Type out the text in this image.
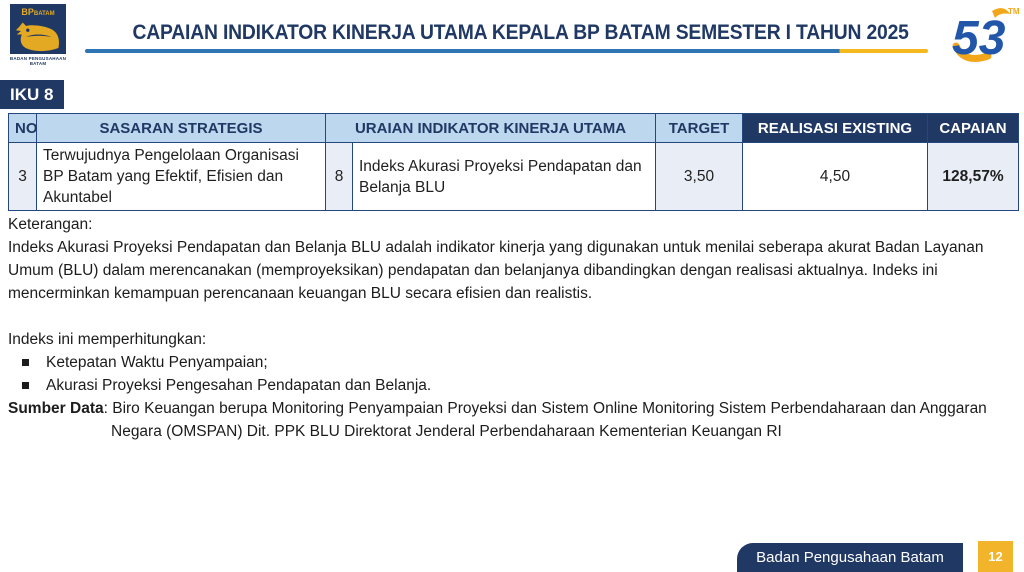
BPBATAM
BADAN PENGUSAHAAN BATAM
CAPAIAN INDIKATOR KINERJA UTAMA KEPALA BP BATAM SEMESTER I TAHUN 2025 53
TM
IKU 8
NO	SASARAN STRATEGIS	URAIAN INDIKATOR KINERJA UTAMA		TARGET	REALISASI EXISTING	CAPAIAN
3	Terwujudnya Pengelolaan Organisasi BP Batam yang Efektif, Efisien dan Akuntabel	8	Indeks Akurasi Proyeksi Pendapatan dan Belanja BLU	3,50	4,50	128,57%

Keterangan:

Indeks Akurasi Proyeksi Pendapatan dan Belanja BLU adalah indikator kinerja yang digunakan untuk menilai seberapa akurat Badan Layanan Umum (BLU) dalam merencanakan (memproyeksikan) pendapatan dan belanjanya dibandingkan dengan realisasi aktualnya. Indeks ini mencerminkan kemampuan perencanaan keuangan BLU secara efisien dan realistis.

Indeks ini memperhitungkan:

Ketepatan Waktu Penyampaian;
Akurasi Proyeksi Pengesahan Pendapatan dan Belanja.

Sumber Data: Biro Keuangan berupa Monitoring Penyampaian Proyeksi dan Sistem Online Monitoring Sistem Perbendaharaan dan Anggaran Negara (OMSPAN) Dit. PPK BLU Direktorat Jenderal Perbendaharaan Kementerian Keuangan RI

Badan Pengusahaan Batam	12
